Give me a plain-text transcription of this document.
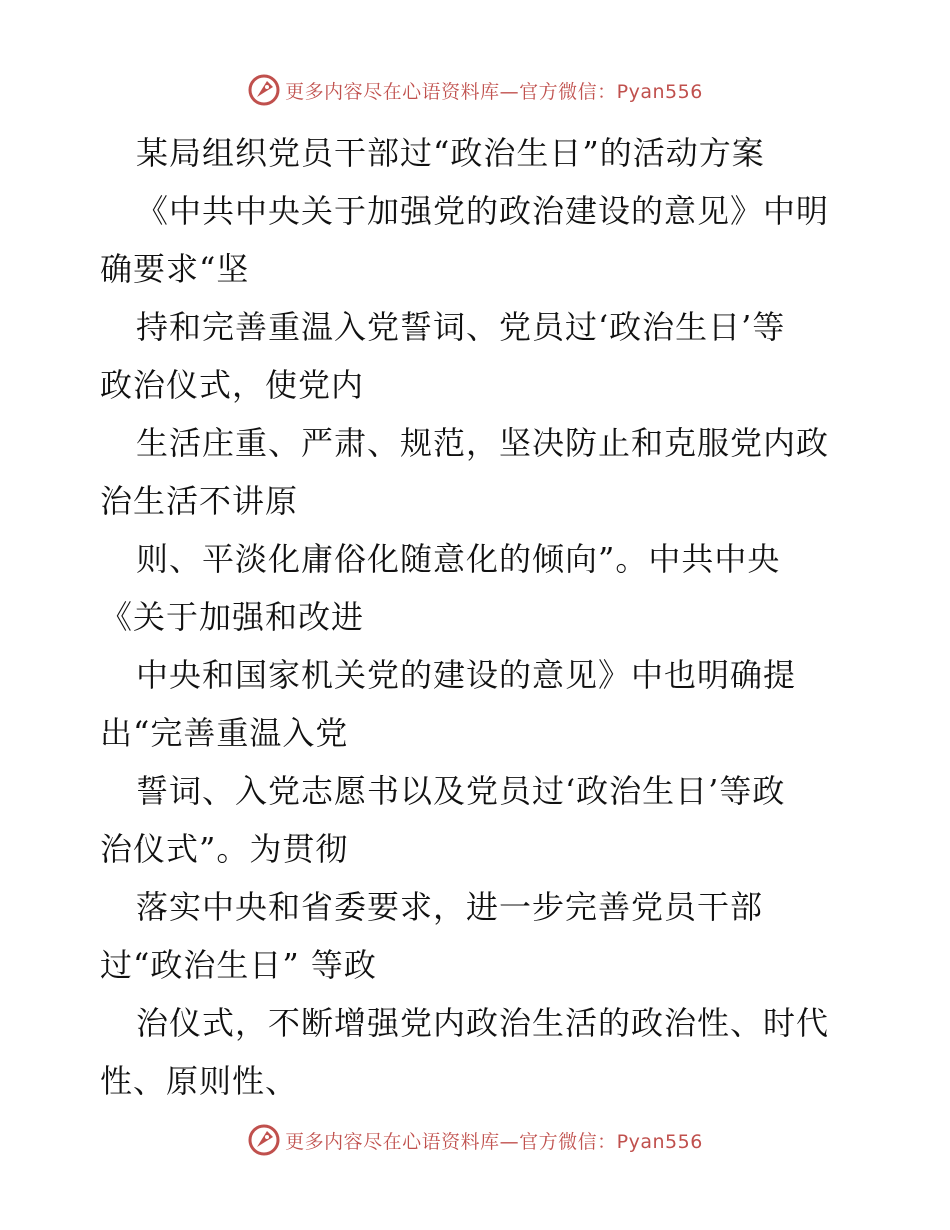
更多内容尽在心语资料库—官方微信：Pyan556
某局组织党员干部过“政治生日”的活动方案
《中共中央关于加强党的政治建设的意见》中明
确要求“坚
持和完善重温入党誓词、党员过‘政治生日’等
政治仪式，使党内
生活庄重、严肃、规范，坚决防止和克服党内政
治生活不讲原
则、平淡化庸俗化随意化的倾向”。中共中央
《关于加强和改进
中央和国家机关党的建设的意见》中也明确提
出“完善重温入党
誓词、入党志愿书以及党员过‘政治生日’等政
治仪式”。为贯彻
落实中央和省委要求，进一步完善党员干部
过“政治生日” 等政
治仪式，不断增强党内政治生活的政治性、时代
性、原则性、
更多内容尽在心语资料库—官方微信：Pyan556
